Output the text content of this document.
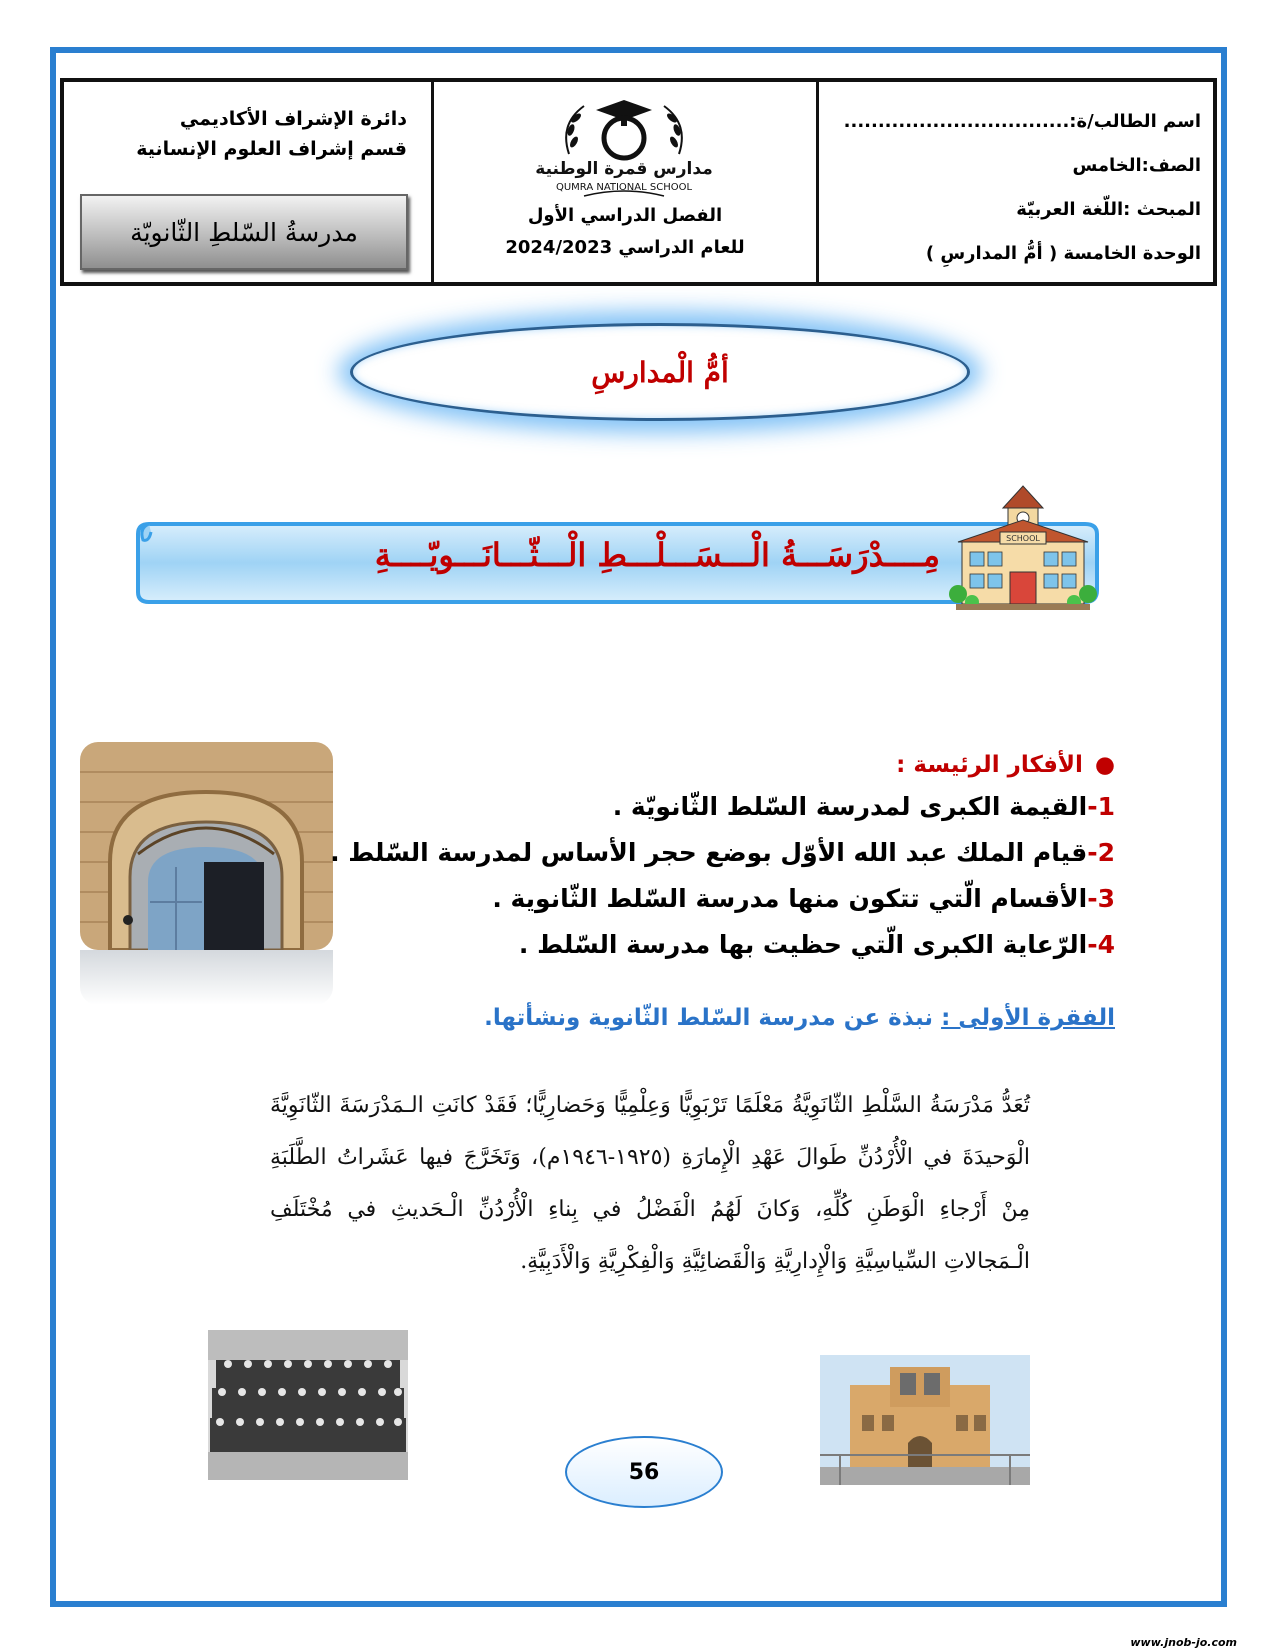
دائرة الإشراف الأكاديمي
قسم إشراف العلوم الإنسانية
مدرسةُ السّلطِ الثّانويّة
مدارس قمرة الوطنية
QUMRA NATIONAL SCHOOL
الفصل الدراسي الأول
للعام الدراسي 2024/2023
اسم الطالب/ة:.................................
الصف:الخامس
المبحث :اللّغة العربيّة
الوحدة الخامسة ( أمُّ المدارسِ )
أمُّ الْمدارسِ
مِــــدْرَسَـــةُ الْـــسَـــلْـــطِ الْـــثّـــانَـــويّــــةِ	SCHOOL
●الأفكار الرئيسة :
1-القيمة الكبرى لمدرسة السّلط الثّانويّة .
2-قيام الملك عبد الله الأوّل بوضع حجر الأساس لمدرسة السّلط .
3-الأقسام الّتي تتكون منها مدرسة السّلط الثّانوية .
4-الرّعاية الكبرى الّتي حظيت بها مدرسة السّلط .
الفقرة الأولى : نبذة عن مدرسة السّلط الثّانوية ونشأتها.
تُعَدُّ مَدْرَسَةُ السَّلْطِ الثّانَوِيَّةُ مَعْلَمًا تَرْبَوِيًّا وَعِلْمِيًّا وَحَضارِيًّا؛ فَقَدْ كانَتِ الـمَدْرَسَةَ الثّانَوِيَّةَ الْوَحيدَةَ في الْأُرْدُنِّ طَوالَ عَهْدِ الْإِمارَةِ (١٩٢٥-١٩٤٦م)، وَتَخَرَّجَ فيها عَشَراتُ الطَّلَبَةِ مِنْ أَرْجاءِ الْوَطَنِ كُلِّهِ، وَكانَ لَهُمُ الْفَضْلُ في بِناءِ الْأُرْدُنِّ الْـحَديثِ في مُخْتَلَفِ الْـمَجالاتِ السِّياسِيَّةِ وَالْإِدارِيَّةِ وَالْقَضائِيَّةِ وَالْفِكْرِيَّةِ وَالْأَدَبِيَّةِ.
56
www.jnob-jo.com
